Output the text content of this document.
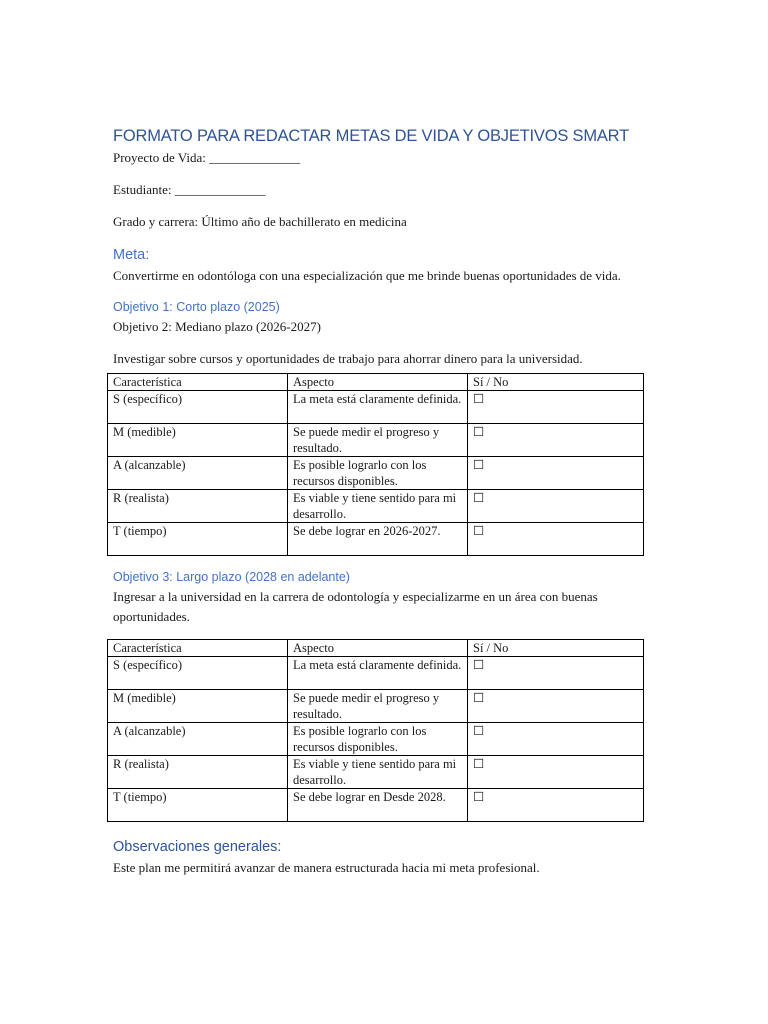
FORMATO PARA REDACTAR METAS DE VIDA Y OBJETIVOS SMART

Proyecto de Vida: ______________

Estudiante: ______________

Grado y carrera: Último año de bachillerato en medicina

Meta:

Convertirme en odontóloga con una especialización que me brinde buenas oportunidades de vida.

Objetivo 1: Corto plazo (2025)

Objetivo 2: Mediano plazo (2026-2027)

Investigar sobre cursos y oportunidades de trabajo para ahorrar dinero para la universidad.

Característica	Aspecto	Sí / No
S (específico)	La meta está claramente definida.	☐
M (medible)	Se puede medir el progreso y resultado.	☐
A (alcanzable)	Es posible lograrlo con los recursos disponibles.	☐
R (realista)	Es viable y tiene sentido para mi desarrollo.	☐
T (tiempo)	Se debe lograr en 2026-2027.	☐
Objetivo 3: Largo plazo (2028 en adelante)

Ingresar a la universidad en la carrera de odontología y especializarme en un área con buenas oportunidades.

Característica	Aspecto	Sí / No
S (específico)	La meta está claramente definida.	☐
M (medible)	Se puede medir el progreso y resultado.	☐
A (alcanzable)	Es posible lograrlo con los recursos disponibles.	☐
R (realista)	Es viable y tiene sentido para mi desarrollo.	☐
T (tiempo)	Se debe lograr en Desde 2028.	☐
Observaciones generales:

Este plan me permitirá avanzar de manera estructurada hacia mi meta profesional.
